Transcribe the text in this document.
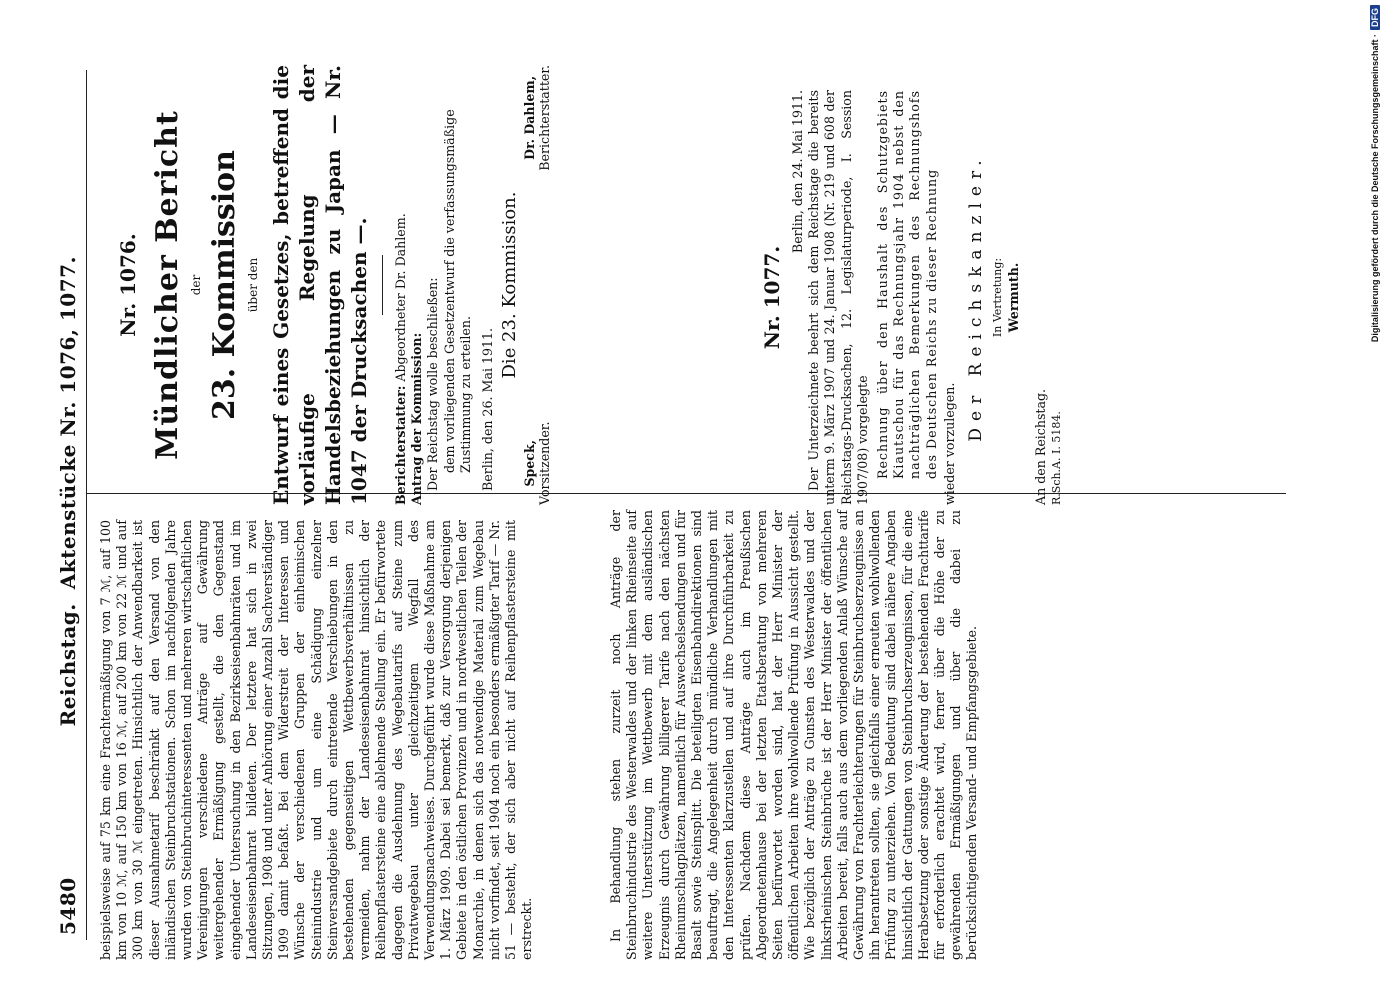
5480
Reichstag.Aktenstücke Nr. 1076, 1077.

beispielsweise auf 75 km eine Frachtermäßigung von 7 ℳ, auf 100 km von 10 ℳ, auf 150 km von 16 ℳ, auf 200 km von 22 ℳ und auf 300 km von 30 ℳ eingetreten. Hinsichtlich der Anwendbarkeit ist dieser Ausnahmetarif beschränkt auf den Versand von den inländischen Steinbruchstationen. Schon im nachfolgenden Jahre wurden von Steinbruchinteressenten und mehreren wirtschaftlichen Vereinigungen verschiedene Anträge auf Gewährung weitergehender Ermäßigung gestellt, die den Gegenstand eingehender Untersuchung in den Bezirkseisenbahnräten und im Landeseisenbahnrat bildeten. Der letztere hat sich in zwei Sitzungen, 1908 und unter Anhörung einer Anzahl Sachverständiger 1909 damit befaßt. Bei dem Widerstreit der Interessen und Wünsche der verschiedenen Gruppen der einheimischen Steinindustrie und um eine Schädigung einzelner Steinversandgebiete durch eintretende Verschiebungen in den bestehenden gegenseitigen Wettbewerbsverhältnissen zu vermeiden, nahm der Landeseisenbahnrat hinsichtlich der Reihenpflastersteine eine ablehnende Stellung ein. Er befürwortete dagegen die Ausdehnung des Wegebautarifs auf Steine zum Privatwegebau unter gleichzeitigem Wegfall des Verwendungsnachweises. Durchgeführt wurde diese Maßnahme am 1. März 1909. Dabei sei bemerkt, daß zur Versorgung derjenigen Gebiete in den östlichen Provinzen und in nordwestlichen Teilen der Monarchie, in denen sich das notwendige Material zum Wegebau nicht vorfindet, seit 1904 noch ein besonders ermäßigter Tarif — Nr. 51 — besteht, der sich aber nicht auf Reihenpflastersteine mit erstreckt.	In Behandlung stehen zurzeit noch Anträge der Steinbruchindustrie des Westerwaldes und der linken Rheinseite auf weitere Unterstützung im Wettbewerb mit dem ausländischen Erzeugnis durch Gewährung billigerer Tarife nach den nächsten Rheinumschlagplätzen, namentlich für Auswechselsendungen und für Basalt sowie Steinsplitt. Die beteiligten Eisenbahndirektionen sind beauftragt, die Angelegenheit durch mündliche Verhandlungen mit den Interessenten klarzustellen und auf ihre Durchführbarkeit zu prüfen. Nachdem diese Anträge auch im Preußischen Abgeordnetenhause bei der letzten Etatsberatung von mehreren Seiten befürwortet worden sind, hat der Herr Minister der öffentlichen Arbeiten ihre wohlwollende Prüfung in Aussicht gestellt. Wie bezüglich der Anträge zu Gunsten des Westerwaldes und der linksrheinischen Steinbrüche ist der Herr Minister der öffentlichen Arbeiten bereit, falls auch aus dem vorliegenden Anlaß Wünsche auf Gewährung von Frachterleichterungen für Steinbruchserzeugnisse an ihn herantreten sollten, sie gleichfalls einer erneuten wohlwollenden Prüfung zu unterziehen. Von Bedeutung sind dabei nähere Angaben hinsichtlich der Gattungen von Steinbruchserzeugnissen, für die eine Herabsetzung oder sonstige Änderung der bestehenden Frachttarife für erforderlich erachtet wird, ferner über die Höhe der zu gewährenden Ermäßigungen und über die dabei zu berücksichtigenden Versand- und Empfangsgebiete.

Nr. 1076. Mündlicher Bericht der 23. Kommission über den Entwurf eines Gesetzes, betreffend die vorläufige Regelung der Handelsbeziehungen zu Japan — Nr. 1047 der Drucksachen —. Berichterstatter: Abgeordneter Dr. Dahlem.
Antrag der Kommission: Der Reichstag wolle beschließen: dem vorliegenden Gesetzentwurf die verfassungsmäßige Zustimmung zu erteilen. Berlin, den 26. Mai 1911.
Die 23. Kommission.
Speck,
Vorsitzender.
Dr. Dahlem,
Berichterstatter.
Nr. 1077.
Berlin, den 24. Mai 1911. Der Unterzeichnete beehrt sich dem Reichstage die bereits unterm 9. März 1907 und 24. Januar 1908 (Nr. 219 und 608 der Reichstags-Drucksachen, 12. Legislaturperiode, I. Session 1907/08) vorgelegte Rechnung über den Haushalt des Schutzgebiets Kiautschou für das Rechnungsjahr 1904 nebst den nachträglichen Bemerkungen des Rechnungshofs des Deutschen Reichs zu dieser Rechnung wieder vorzulegen.
Der Reichskanzler. In Vertretung: Wermuth.
An den Reichstag. R.Sch.A. I. 5184.
Digitalisierung gefördert durch die Deutsche Forschungsgemeinschaft ·
DFG
